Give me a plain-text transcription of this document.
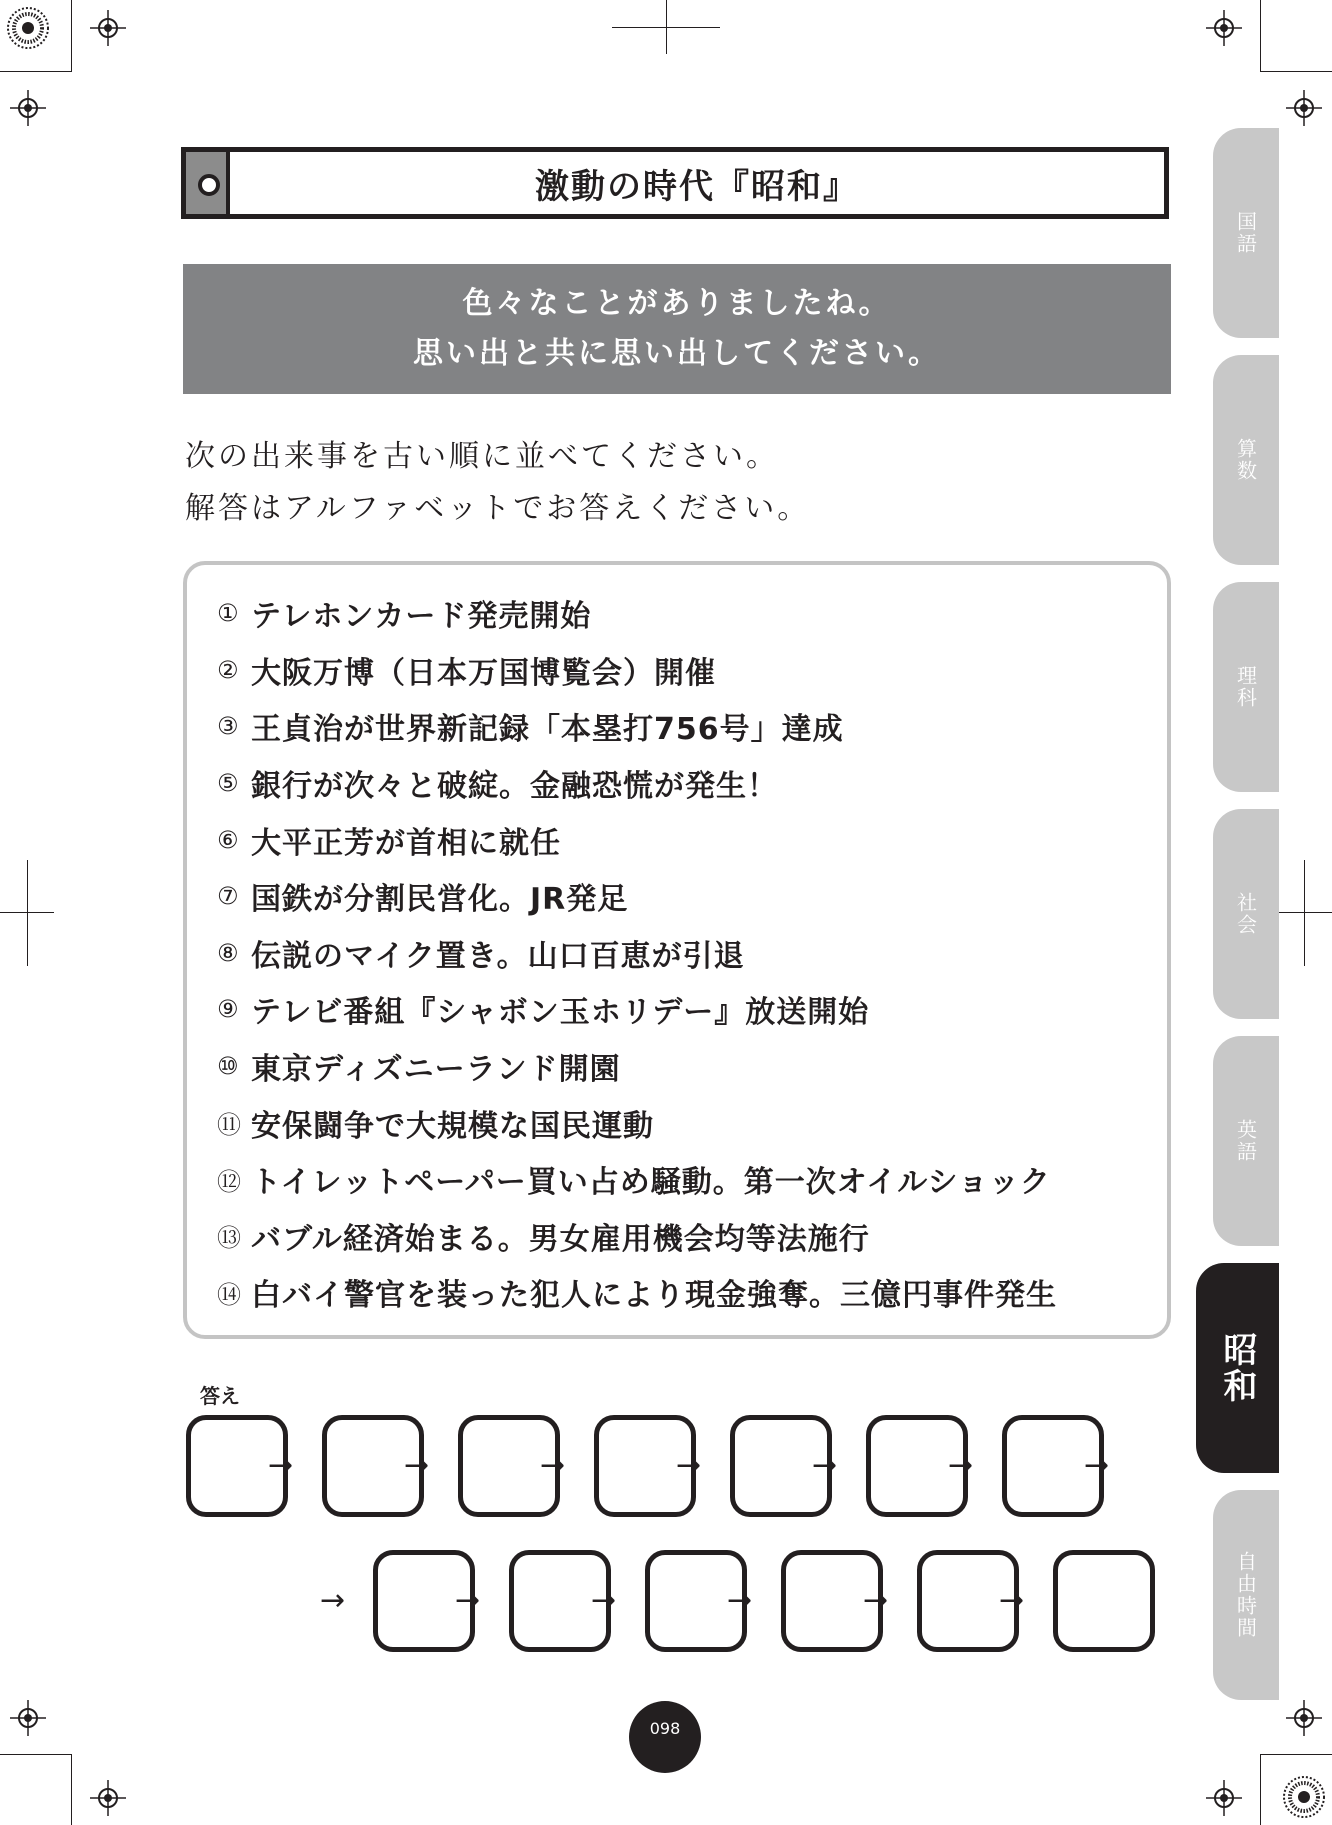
激動の時代『昭和』
色々なことがありましたね。
思い出と共に思い出してください。
次の出来事を古い順に並べてください。
解答はアルファベットでお答えください。
① テレホンカード発売開始
② 大阪万博（日本万国博覧会）開催
③ 王貞治が世界新記録「本塁打756号」達成
⑤ 銀行が次々と破綻。金融恐慌が発生！
⑥ 大平正芳が首相に就任
⑦ 国鉄が分割民営化。JR発足
⑧ 伝説のマイク置き。山口百恵が引退
⑨ テレビ番組『シャボン玉ホリデー』放送開始
⑩ 東京ディズニーランド開園
⑪ 安保闘争で大規模な国民運動
⑫ トイレットペーパー買い占め騒動。第一次オイルショック
⑬ バブル経済始まる。男女雇用機会均等法施行
⑭ 白バイ警官を装った犯人により現金強奪。三億円事件発生
答え
→	→	→	→	→	→	→
→	→	→	→	→	→
国語
算数
理科
社会
英語
昭和
自由時間
098
